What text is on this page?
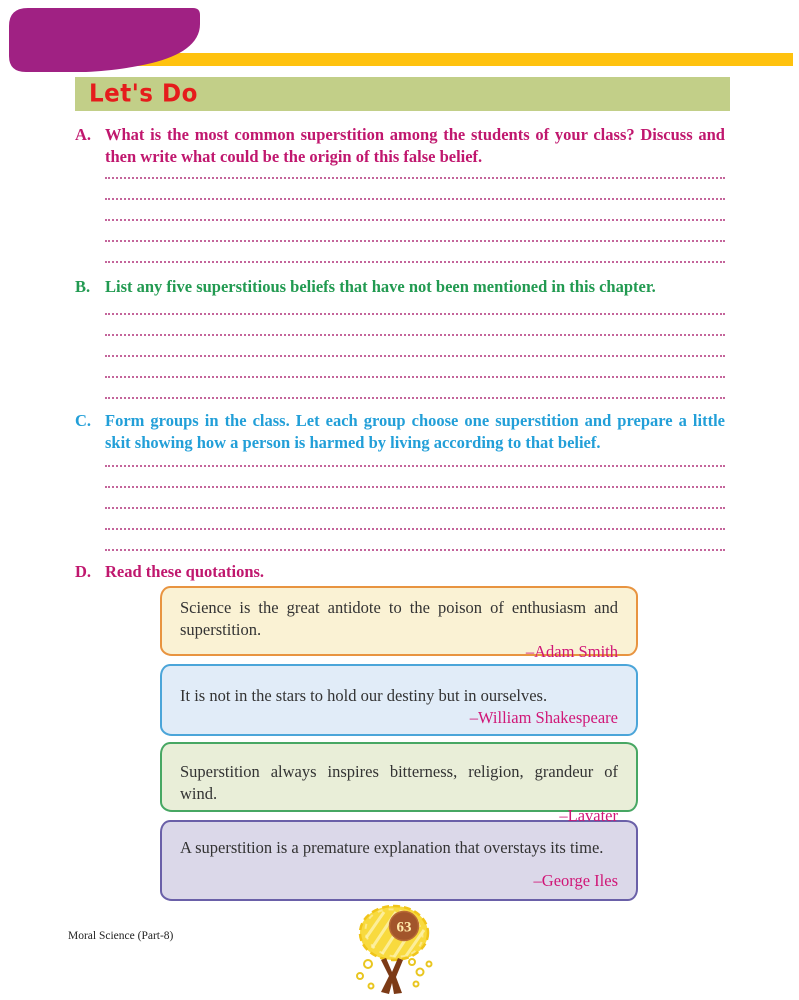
Let's Do
A. What is the most common superstition among the students of your class? Discuss and then write what could be the origin of this false belief.
B. List any five superstitious beliefs that have not been mentioned in this chapter.
C. Form groups in the class. Let each group choose one superstition and prepare a little skit showing how a person is harmed by living according to that belief.
D. Read these quotations.
Science is the great antidote to the poison of enthusiasm and superstition.
–Adam Smith
It is not in the stars to hold our destiny but in ourselves.
–William Shakespeare
Superstition always inspires bitterness, religion, grandeur of wind.
–Lavater
A superstition is a premature explanation that overstays its time.
–George Iles
Moral Science (Part-8)
63
